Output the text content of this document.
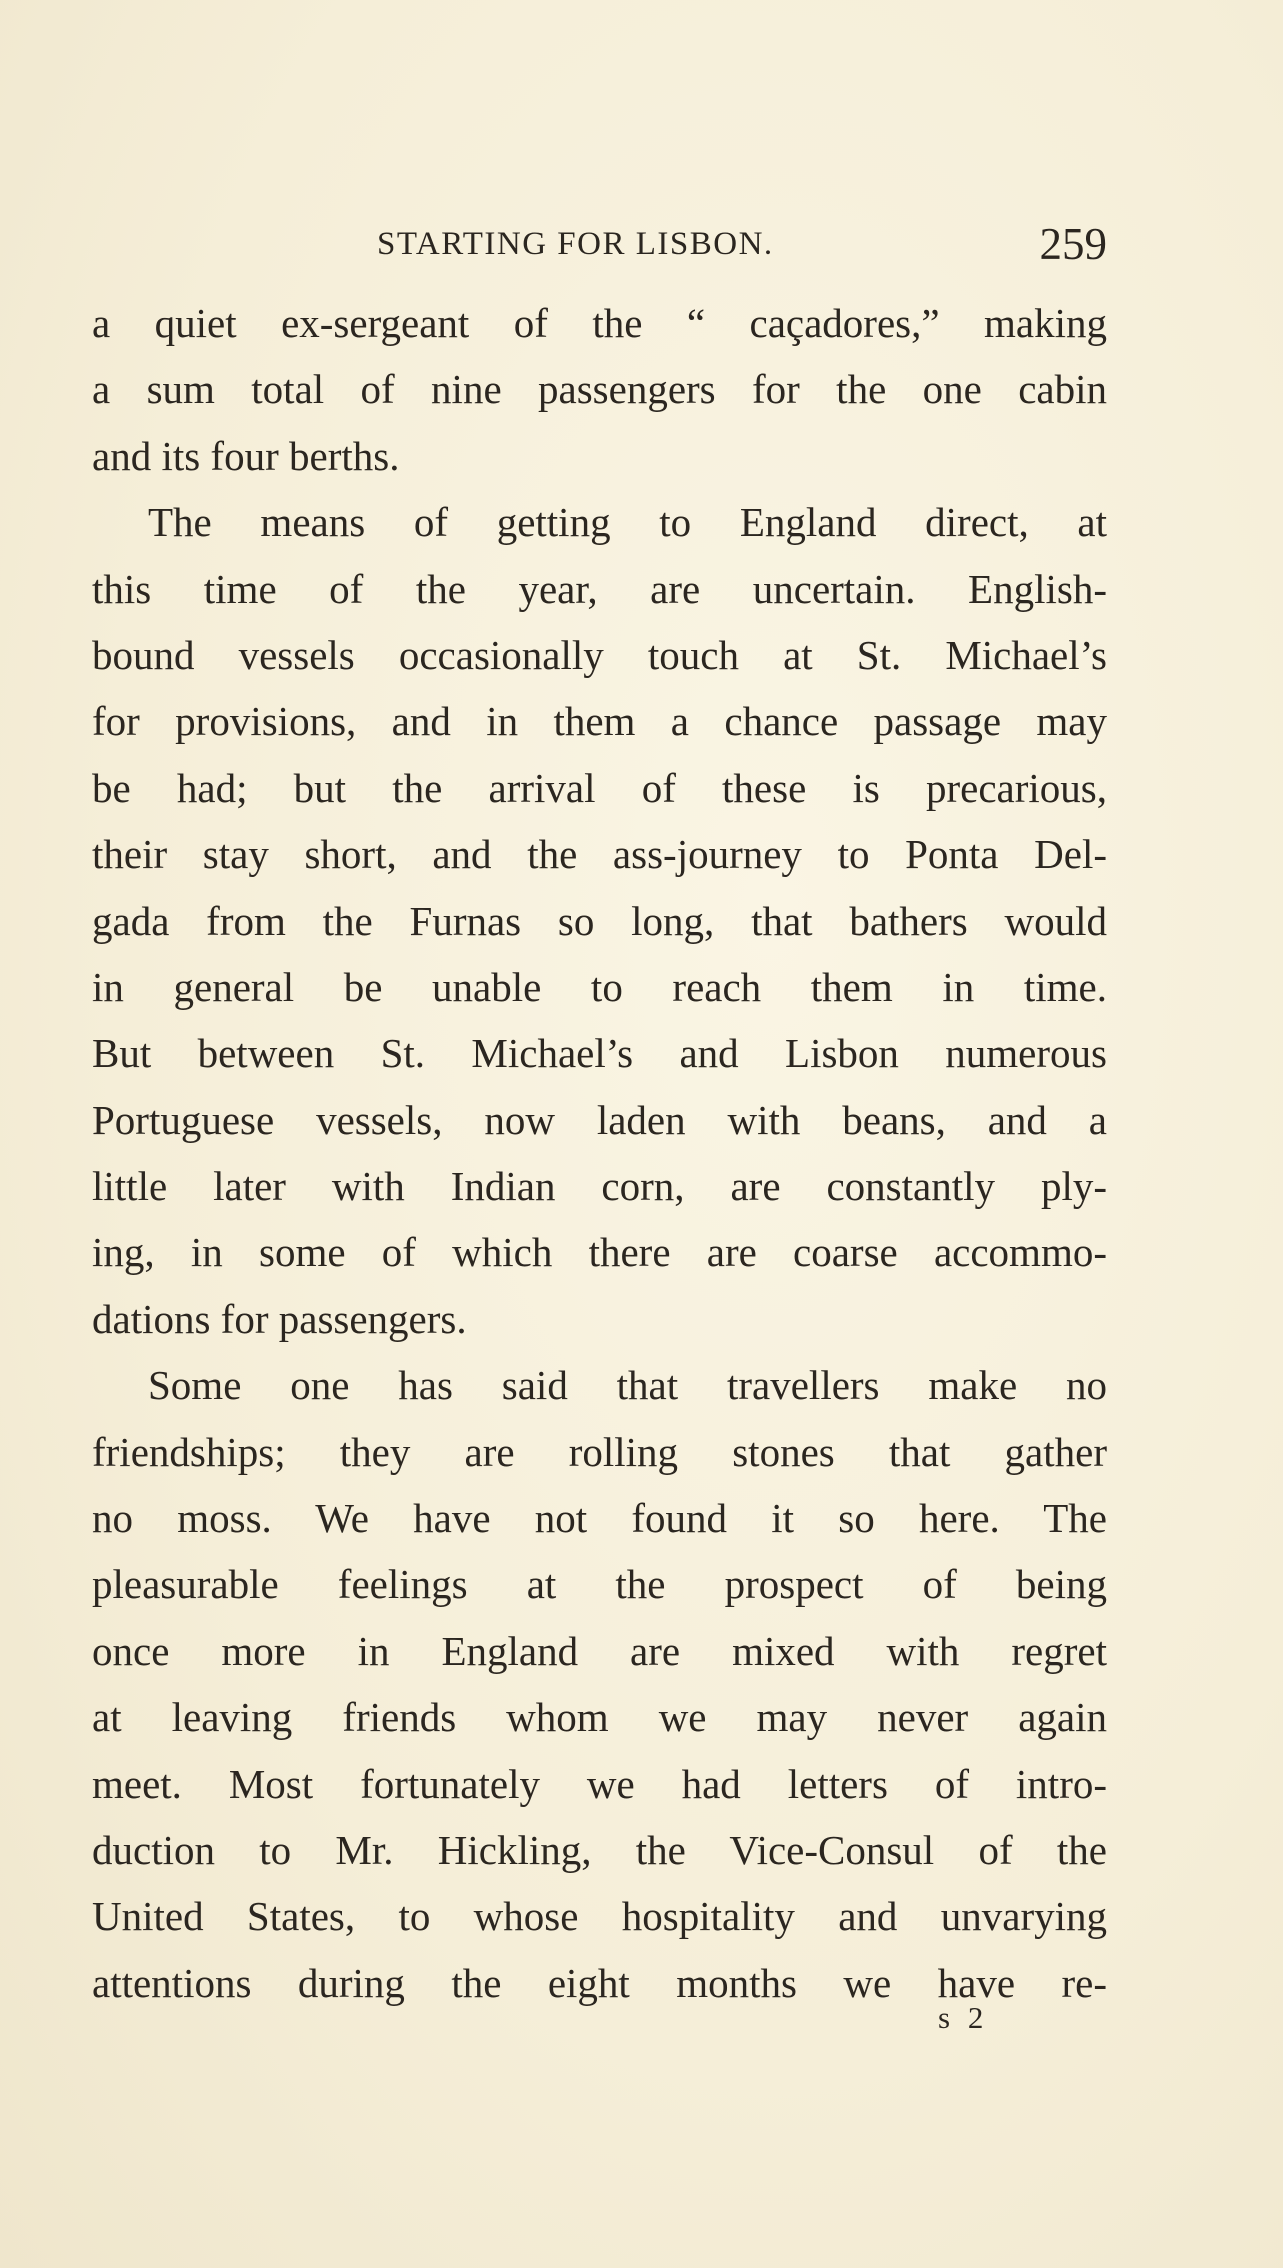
STARTING FOR LISBON.	259
a quiet ex-sergeant of the “ caçadores,” making
a sum total of nine passengers for the one cabin
and its four berths.
The means of getting to England direct, at
this time of the year, are uncertain. English-
bound vessels occasionally touch at St. Michael’s
for provisions, and in them a chance passage may
be had; but the arrival of these is precarious,
their stay short, and the ass-journey to Ponta Del-
gada from the Furnas so long, that bathers would
in general be unable to reach them in time.
But between St. Michael’s and Lisbon numerous
Portuguese vessels, now laden with beans, and a
little later with Indian corn, are constantly ply-
ing, in some of which there are coarse accommo-
dations for passengers.
Some one has said that travellers make no
friendships; they are rolling stones that gather
no moss. We have not found it so here. The
pleasurable feelings at the prospect of being
once more in England are mixed with regret
at leaving friends whom we may never again
meet. Most fortunately we had letters of intro-
duction to Mr. Hickling, the Vice-Consul of the
United States, to whose hospitality and unvarying
attentions during the eight months we have re-
s 2
